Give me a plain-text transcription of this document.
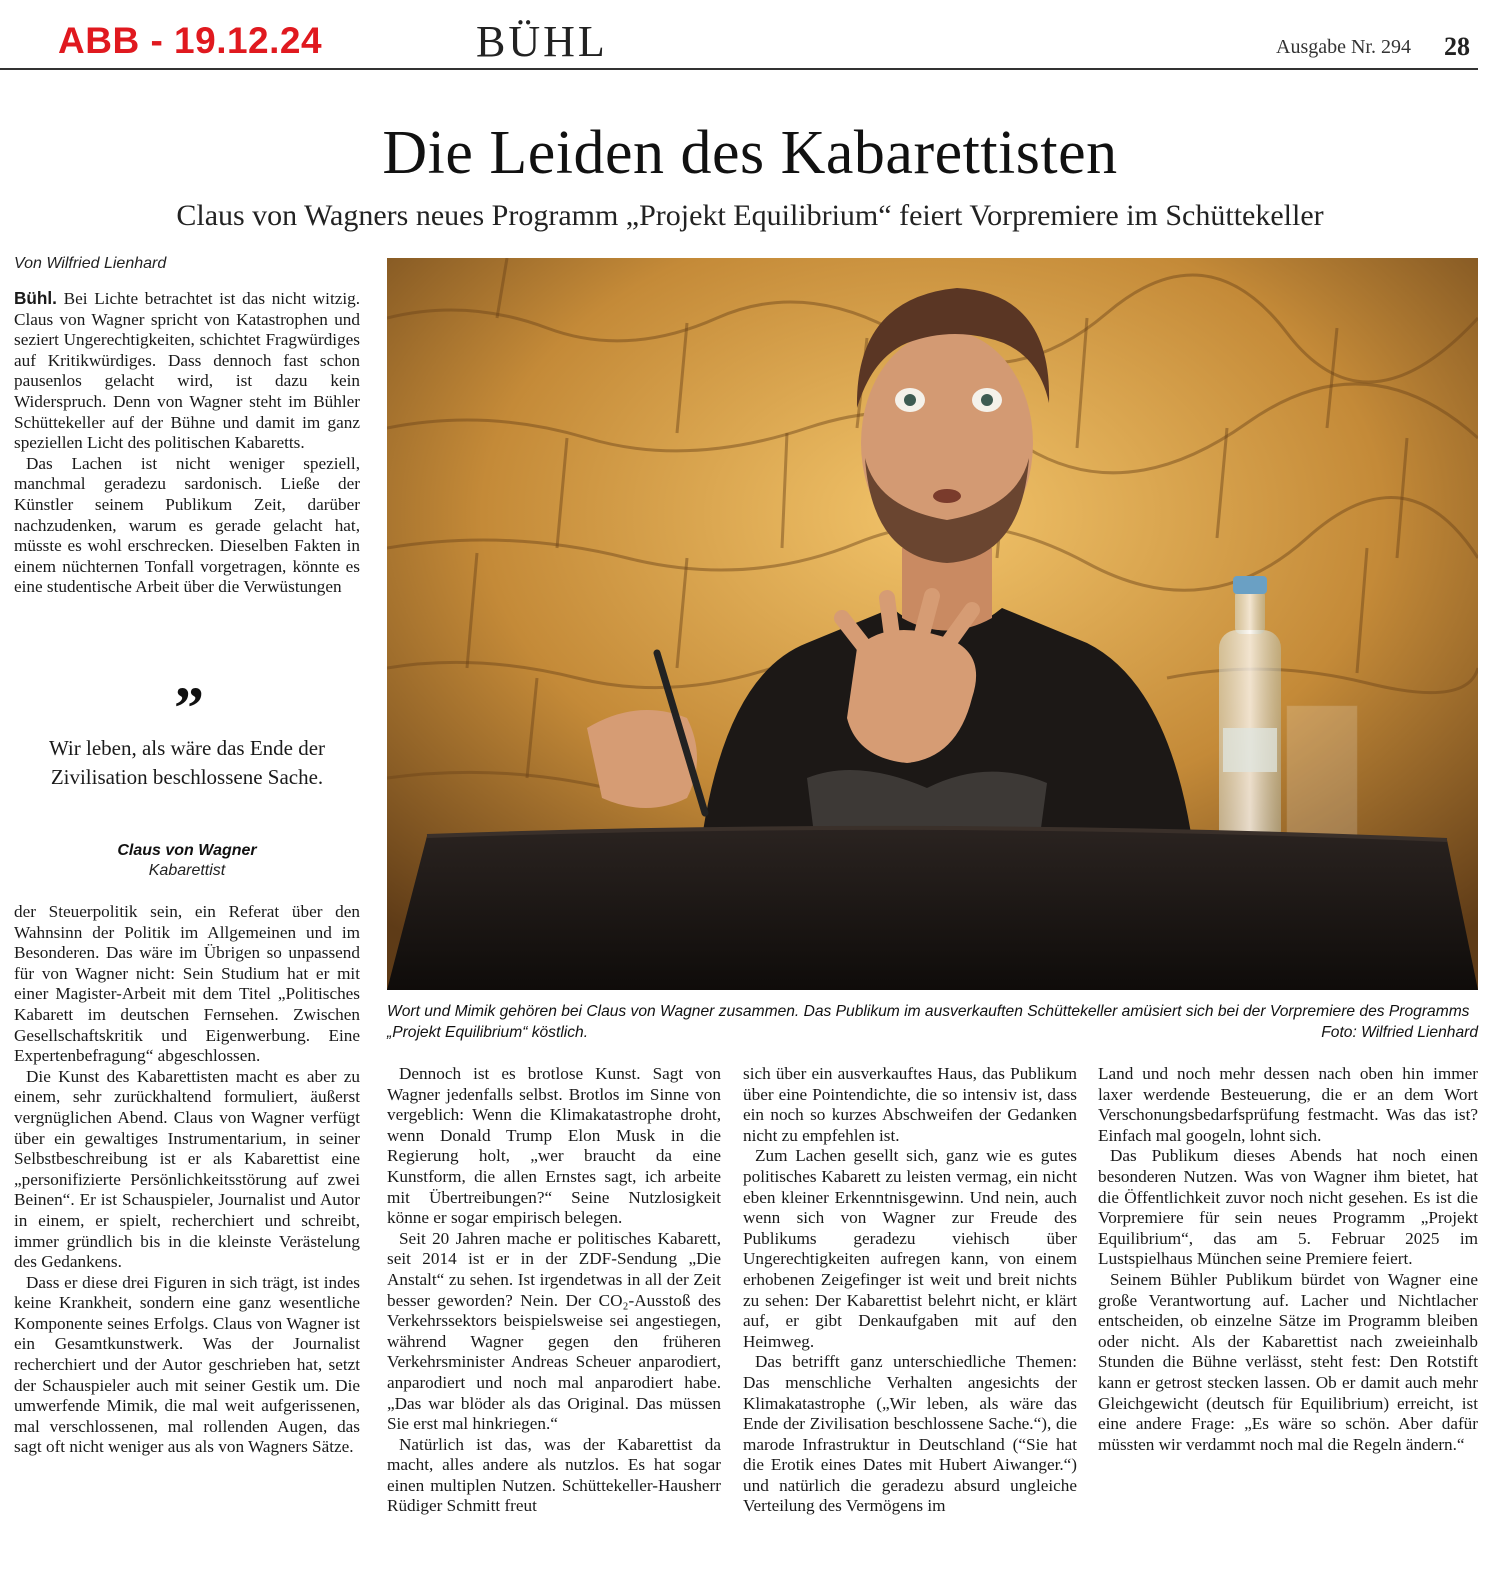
ABB - 19.12.24	BÜHL	Ausgabe Nr. 294 28
Die Leiden des Kabarettisten
Claus von Wagners neues Programm „Projekt Equilibrium“ feiert Vorpremiere im Schüttekeller
Von Wilfried Lienhard

Bühl. Bei Lichte betrachtet ist das nicht witzig. Claus von Wagner spricht von Katastrophen und seziert Ungerechtigkeiten, schichtet Fragwürdiges auf Kritikwürdiges. Dass dennoch fast schon pausenlos gelacht wird, ist dazu kein Widerspruch. Denn von Wagner steht im Bühler Schüttekeller auf der Bühne und damit im ganz speziellen Licht des politischen Kabaretts.

Das Lachen ist nicht weniger speziell, manchmal geradezu sardonisch. Ließe der Künstler seinem Publikum Zeit, darüber nachzudenken, warum es gerade gelacht hat, müsste es wohl erschrecken. Dieselben Fakten in einem nüchternen Tonfall vorgetragen, könnte es eine studentische Arbeit über die Verwüstungen

”
Wir leben, als wäre das Ende der Zivilisation beschlossene Sache.
Claus von Wagner
Kabarettist

der Steuerpolitik sein, ein Referat über den Wahnsinn der Politik im Allgemeinen und im Besonderen. Das wäre im Übrigen so unpassend für von Wagner nicht: Sein Studium hat er mit einer Magister-Arbeit mit dem Titel „Politisches Kabarett im deutschen Fernsehen. Zwischen Gesellschaftskritik und Eigenwerbung. Eine Expertenbefragung“ abgeschlossen.

Die Kunst des Kabarettisten macht es aber zu einem, sehr zurückhaltend formuliert, äußerst vergnüglichen Abend. Claus von Wagner verfügt über ein gewaltiges Instrumentarium, in seiner Selbstbeschreibung ist er als Kabarettist eine „personifizierte Persönlichkeitsstörung auf zwei Beinen“. Er ist Schauspieler, Journalist und Autor in einem, er spielt, recherchiert und schreibt, immer gründlich bis in die kleinste Verästelung des Gedankens.

Dass er diese drei Figuren in sich trägt, ist indes keine Krankheit, sondern eine ganz wesentliche Komponente seines Erfolgs. Claus von Wagner ist ein Gesamtkunstwerk. Was der Journalist recherchiert und der Autor geschrieben hat, setzt der Schauspieler auch mit seiner Gestik um. Die umwerfende Mimik, die mal weit aufgerissenen, mal verschlossenen, mal rollenden Augen, das sagt oft nicht weniger aus als von Wagners Sätze.

Wort und Mimik gehören bei Claus von Wagner zusammen. Das Publikum im ausverkauften Schüttekeller amüsiert sich bei der Vorpremiere des Programms „Projekt Equilibrium“ köstlich.	Foto: Wilfried Lienhard

Dennoch ist es brotlose Kunst. Sagt von Wagner jedenfalls selbst. Brotlos im Sinne von vergeblich: Wenn die Klimakatastrophe droht, wenn Donald Trump Elon Musk in die Regierung holt, „wer braucht da eine Kunstform, die allen Ernstes sagt, ich arbeite mit Übertreibungen?“ Seine Nutzlosigkeit könne er sogar empirisch belegen.

Seit 20 Jahren mache er politisches Kabarett, seit 2014 ist er in der ZDF-Sendung „Die Anstalt“ zu sehen. Ist irgendetwas in all der Zeit besser geworden? Nein. Der CO₂-Ausstoß des Verkehrssektors beispielsweise sei angestiegen, während Wagner gegen den früheren Verkehrsminister Andreas Scheuer anparodiert, anparodiert und noch mal anparodiert habe. „Das war blöder als das Original. Das müssen Sie erst mal hinkriegen.“

Natürlich ist das, was der Kabarettist da macht, alles andere als nutzlos. Es hat sogar einen multiplen Nutzen. Schüttekeller-Hausherr Rüdiger Schmitt freut

sich über ein ausverkauftes Haus, das Publikum über eine Pointendichte, die so intensiv ist, dass ein noch so kurzes Abschweifen der Gedanken nicht zu empfehlen ist.

Zum Lachen gesellt sich, ganz wie es gutes politisches Kabarett zu leisten vermag, ein nicht eben kleiner Erkenntnisgewinn. Und nein, auch wenn sich von Wagner zur Freude des Publikums geradezu viehisch über Ungerechtigkeiten aufregen kann, von einem erhobenen Zeigefinger ist weit und breit nichts zu sehen: Der Kabarettist belehrt nicht, er klärt auf, er gibt Denkaufgaben mit auf den Heimweg.

Das betrifft ganz unterschiedliche Themen: Das menschliche Verhalten angesichts der Klimakatastrophe („Wir leben, als wäre das Ende der Zivilisation beschlossene Sache.“), die marode Infrastruktur in Deutschland (“Sie hat die Erotik eines Dates mit Hubert Aiwanger.“) und natürlich die geradezu absurd ungleiche Verteilung des Vermögens im

Land und noch mehr dessen nach oben hin immer laxer werdende Besteuerung, die er an dem Wort Verschonungsbedarfsprüfung festmacht. Was das ist? Einfach mal googeln, lohnt sich.

Das Publikum dieses Abends hat noch einen besonderen Nutzen. Was von Wagner ihm bietet, hat die Öffentlichkeit zuvor noch nicht gesehen. Es ist die Vorpremiere für sein neues Programm „Projekt Equilibrium“, das am 5. Februar 2025 im Lustspielhaus München seine Premiere feiert.

Seinem Bühler Publikum bürdet von Wagner eine große Verantwortung auf. Lacher und Nichtlacher entscheiden, ob einzelne Sätze im Programm bleiben oder nicht. Als der Kabarettist nach zweieinhalb Stunden die Bühne verlässt, steht fest: Den Rotstift kann er getrost stecken lassen. Ob er damit auch mehr Gleichgewicht (deutsch für Equilibrium) erreicht, ist eine andere Frage: „Es wäre so schön. Aber dafür müssten wir verdammt noch mal die Regeln ändern.“
